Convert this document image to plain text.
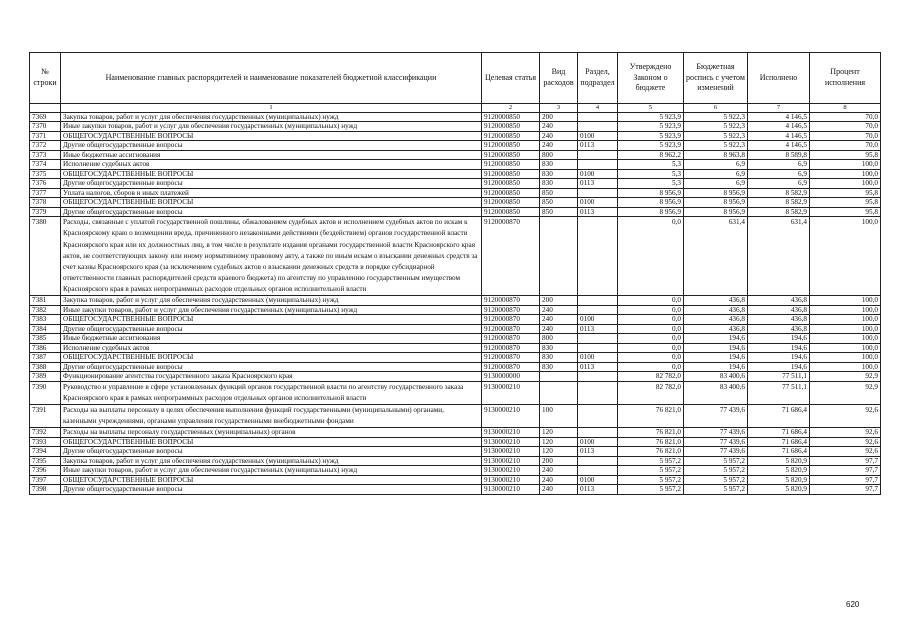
№ строки	Наименование главных распорядителей и наименование показателей бюджетной классификации	Целевая статья	Вид расходов	Раздел, подраздел	Утверждено Законом о бюджете	Бюджетная роспись с учетом изменений	Исполнено	Процент исполнения
	1	2	3	4	5	6	7	8
7369	Закупка товаров, работ и услуг для обеспечения государственных (муниципальных) нужд	9120000850	200		5 923,9	5 922,3	4 146,5	70,0
7370	Иные закупки товаров, работ и услуг для обеспечения государственных (муниципальных) нужд	9120000850	240		5 923,9	5 922,3	4 146,5	70,0
7371	ОБЩЕГОСУДАРСТВЕННЫЕ ВОПРОСЫ	9120000850	240	0100	5 923,9	5 922,3	4 146,5	70,0
7372	Другие общегосударственные вопросы	9120000850	240	0113	5 923,9	5 922,3	4 146,5	70,0
7373	Иные бюджетные ассигнования	9120000850	800		8 962,2	8 963,8	8 589,8	95,8
7374	Исполнение судебных актов	9120000850	830		5,3	6,9	6,9	100,0
7375	ОБЩЕГОСУДАРСТВЕННЫЕ ВОПРОСЫ	9120000850	830	0100	5,3	6,9	6,9	100,0
7376	Другие общегосударственные вопросы	9120000850	830	0113	5,3	6,9	6,9	100,0
7377	Уплата налогов, сборов и иных платежей	9120000850	850		8 956,9	8 956,9	8 582,9	95,8
7378	ОБЩЕГОСУДАРСТВЕННЫЕ ВОПРОСЫ	9120000850	850	0100	8 956,9	8 956,9	8 582,9	95,8
7379	Другие общегосударственные вопросы	9120000850	850	0113	8 956,9	8 956,9	8 582,9	95,8
7380	Расходы, связанные с уплатой государственной пошлины, обжалованием судебных актов и исполнением судебных актов по искам к Красноярскому краю о возмещении вреда, причиненного незаконными действиями (бездействием) органов государственной власти Красноярского края или их должностных лиц, в том числе в результате издания органами государственной власти Красноярского края актов, не соответствующих закону или иному нормативному правовому акту, а также по иным искам о взыскании денежных средств за счет казны Красноярского края (за исключением судебных актов о взыскании денежных средств в порядке субсидиарной ответственности главных распорядителей средств краевого бюджета) по агентству по управлению государственным имуществом Красноярского края в рамках непрограммных расходов отдельных органов исполнительной власти	9120000870			0,0	631,4	631,4	100,0
7381	Закупка товаров, работ и услуг для обеспечения государственных (муниципальных) нужд	9120000870	200		0,0	436,8	436,8	100,0
7382	Иные закупки товаров, работ и услуг для обеспечения государственных (муниципальных) нужд	9120000870	240		0,0	436,8	436,8	100,0
7383	ОБЩЕГОСУДАРСТВЕННЫЕ ВОПРОСЫ	9120000870	240	0100	0,0	436,8	436,8	100,0
7384	Другие общегосударственные вопросы	9120000870	240	0113	0,0	436,8	436,8	100,0
7385	Иные бюджетные ассигнования	9120000870	800		0,0	194,6	194,6	100,0
7386	Исполнение судебных актов	9120000870	830		0,0	194,6	194,6	100,0
7387	ОБЩЕГОСУДАРСТВЕННЫЕ ВОПРОСЫ	9120000870	830	0100	0,0	194,6	194,6	100,0
7388	Другие общегосударственные вопросы	9120000870	830	0113	0,0	194,6	194,6	100,0
7389	Функционирование агентства государственного заказа Красноярского края	9130000000			82 782,0	83 400,6	77 511,1	92,9
7390	Руководство и управление в сфере установленных функций органов государственной власти по агентству государственного заказа Красноярского края в рамках непрограммных расходов отдельных органов исполнительной власти	9130000210			82 782,0	83 400,6	77 511,1	92,9
7391	Расходы на выплаты персоналу в целях обеспечения выполнения функций государственными (муниципальными) органами, казенными учреждениями, органами управления государственными внебюджетными фондами	9130000210	100		76 821,0	77 439,6	71 686,4	92,6
7392	Расходы на выплаты персоналу государственных (муниципальных) органов	9130000210	120		76 821,0	77 439,6	71 686,4	92,6
7393	ОБЩЕГОСУДАРСТВЕННЫЕ ВОПРОСЫ	9130000210	120	0100	76 821,0	77 439,6	71 686,4	92,6
7394	Другие общегосударственные вопросы	9130000210	120	0113	76 821,0	77 439,6	71 686,4	92,6
7395	Закупка товаров, работ и услуг для обеспечения государственных (муниципальных) нужд	9130000210	200		5 957,2	5 957,2	5 820,9	97,7
7396	Иные закупки товаров, работ и услуг для обеспечения государственных (муниципальных) нужд	9130000210	240		5 957,2	5 957,2	5 820,9	97,7
7397	ОБЩЕГОСУДАРСТВЕННЫЕ ВОПРОСЫ	9130000210	240	0100	5 957,2	5 957,2	5 820,9	97,7
7398	Другие общегосударственные вопросы	9130000210	240	0113	5 957,2	5 957,2	5 820,9	97,7
620
